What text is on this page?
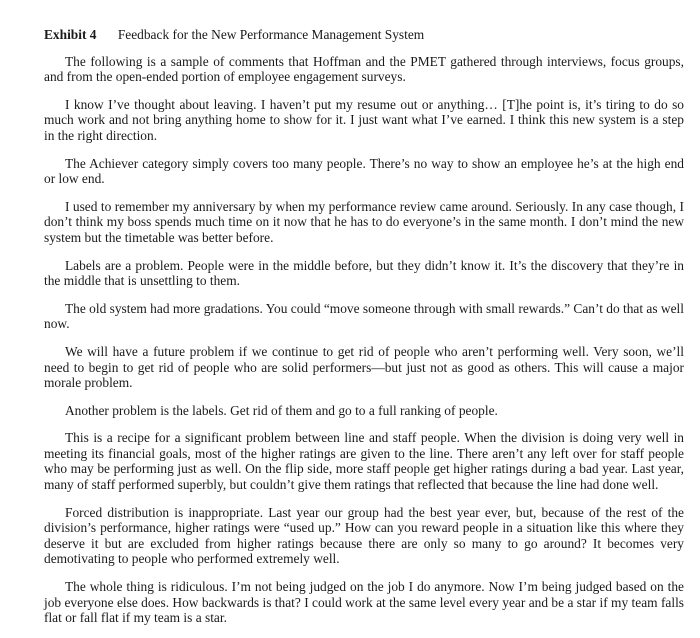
Exhibit 4 Feedback for the New Performance Management System

The following is a sample of comments that Hoffman and the PMET gathered through interviews, focus groups, and from the open-ended portion of employee engagement surveys.

I know I’ve thought about leaving. I haven’t put my resume out or anything… [T]he point is, it’s tiring to do so much work and not bring anything home to show for it. I just want what I’ve earned. I think this new system is a step in the right direction.

The Achiever category simply covers too many people. There’s no way to show an employee he’s at the high end or low end.

I used to remember my anniversary by when my performance review came around. Seriously. In any case though, I don’t think my boss spends much time on it now that he has to do everyone’s in the same month. I don’t mind the new system but the timetable was better before.

Labels are a problem. People were in the middle before, but they didn’t know it. It’s the discovery that they’re in the middle that is unsettling to them.

The old system had more gradations. You could “move someone through with small rewards.” Can’t do that as well now.

We will have a future problem if we continue to get rid of people who aren’t performing well. Very soon, we’ll need to begin to get rid of people who are solid performers—but just not as good as others. This will cause a major morale problem.

Another problem is the labels. Get rid of them and go to a full ranking of people.

This is a recipe for a significant problem between line and staff people. When the division is doing very well in meeting its financial goals, most of the higher ratings are given to the line. There aren’t any left over for staff people who may be performing just as well. On the flip side, more staff people get higher ratings during a bad year. Last year, many of staff performed superbly, but couldn’t give them ratings that reflected that because the line had done well.

Forced distribution is inappropriate. Last year our group had the best year ever, but, because of the rest of the division’s performance, higher ratings were “used up.” How can you reward people in a situation like this where they deserve it but are excluded from higher ratings because there are only so many to go around? It becomes very demotivating to people who performed extremely well.

The whole thing is ridiculous. I’m not being judged on the job I do anymore. Now I’m being judged based on the job everyone else does. How backwards is that? I could work at the same level every year and be a star if my team falls flat or fall flat if my team is a star.
